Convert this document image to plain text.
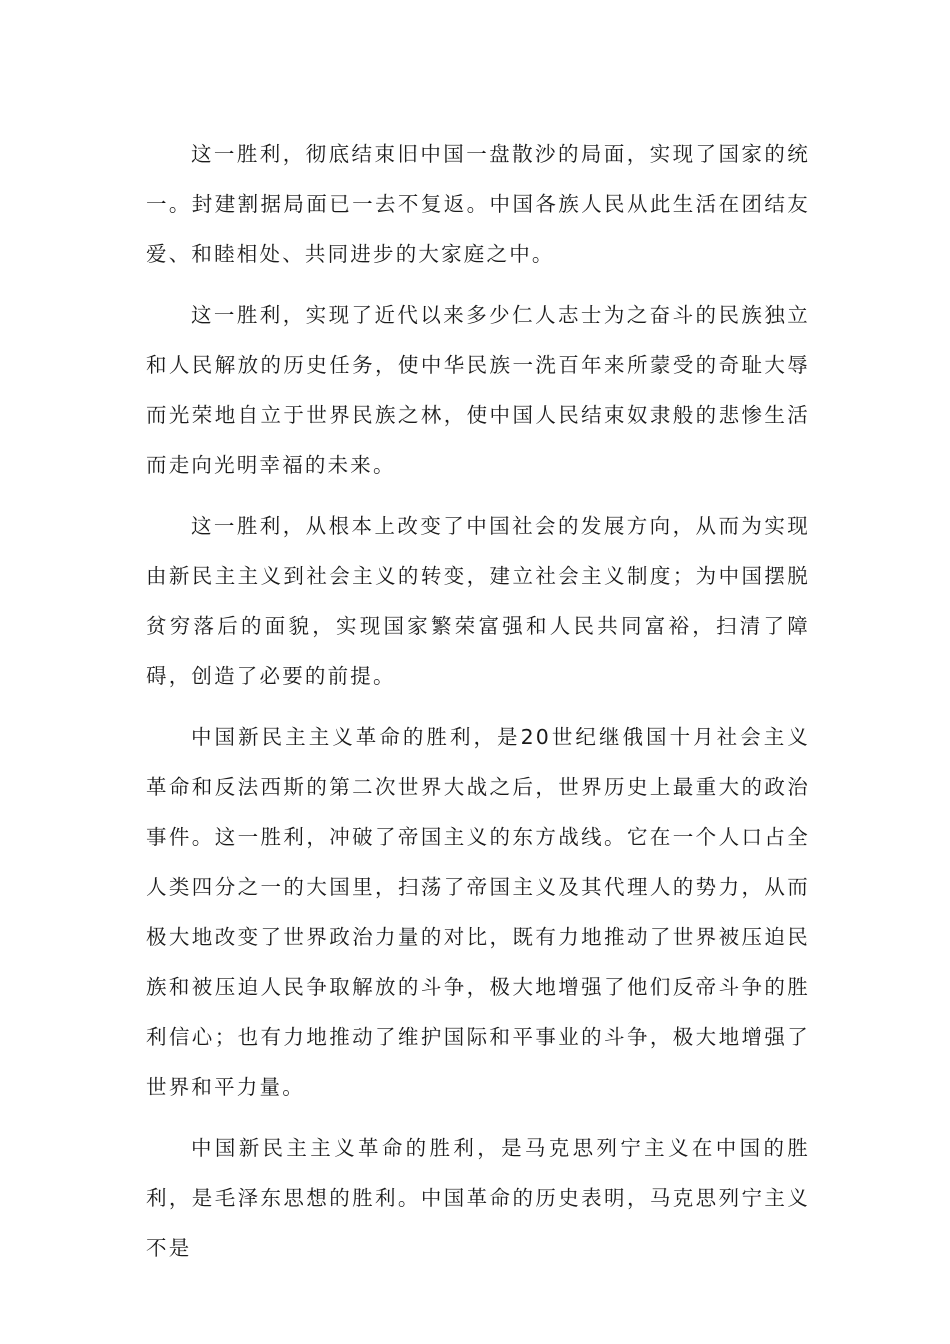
这一胜利，彻底结束旧中国一盘散沙的局面，实现了国家的统一。封建割据局面已一去不复返。中国各族人民从此生活在团结友爱、和睦相处、共同进步的大家庭之中。

这一胜利，实现了近代以来多少仁人志士为之奋斗的民族独立和人民解放的历史任务，使中华民族一洗百年来所蒙受的奇耻大辱而光荣地自立于世界民族之林，使中国人民结束奴隶般的悲惨生活而走向光明幸福的未来。

这一胜利，从根本上改变了中国社会的发展方向，从而为实现由新民主主义到社会主义的转变，建立社会主义制度；为中国摆脱贫穷落后的面貌，实现国家繁荣富强和人民共同富裕，扫清了障碍，创造了必要的前提。

中国新民主主义革命的胜利，是20世纪继俄国十月社会主义革命和反法西斯的第二次世界大战之后，世界历史上最重大的政治事件。这一胜利，冲破了帝国主义的东方战线。它在一个人口占全人类四分之一的大国里，扫荡了帝国主义及其代理人的势力，从而极大地改变了世界政治力量的对比，既有力地推动了世界被压迫民族和被压迫人民争取解放的斗争，极大地增强了他们反帝斗争的胜利信心；也有力地推动了维护国际和平事业的斗争，极大地增强了世界和平力量。

中国新民主主义革命的胜利，是马克思列宁主义在中国的胜利，是毛泽东思想的胜利。中国革命的历史表明，马克思列宁主义不是
